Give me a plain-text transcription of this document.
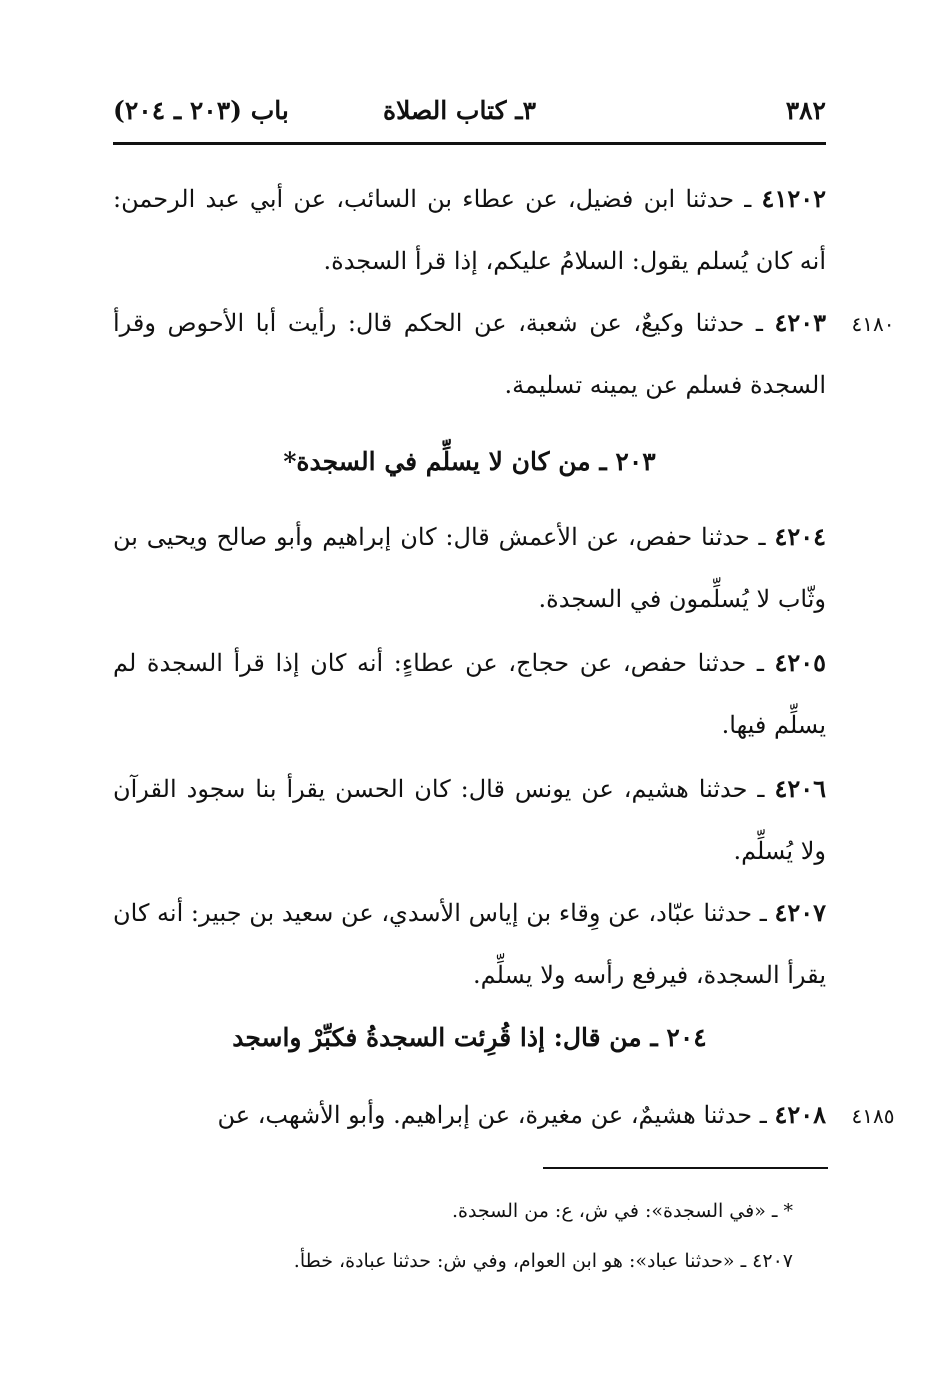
٣٨٢
٣ـ كتاب الصلاة
باب (٢٠٣ ـ ٢٠٤)
٤١٢٠٢ ـ حدثنا ابن فضيل، عن عطاء بن السائب، عن أبي عبد الرحمن: أنه كان يُسلم يقول: السلامُ عليكم، إذا قرأ السجدة.
٤١٨٠
٤٢٠٣ ـ حدثنا وكيعٌ، عن شعبة، عن الحكم قال: رأيت أبا الأحوص وقرأ السجدة فسلم عن يمينه تسليمة.
٢٠٣ ـ من كان لا يسلِّم في السجدة*
٤٢٠٤ ـ حدثنا حفص، عن الأعمش قال: كان إبراهيم وأبو صالح ويحيى بن وثّاب لا يُسلِّمون في السجدة.
٤٢٠٥ ـ حدثنا حفص، عن حجاج، عن عطاءٍ: أنه كان إذا قرأ السجدة لم يسلِّم فيها.
٤٢٠٦ ـ حدثنا هشيم، عن يونس قال: كان الحسن يقرأ بنا سجود القرآن ولا يُسلِّم.
٤٢٠٧ ـ حدثنا عبّاد، عن وِقاء بن إياس الأسدي، عن سعيد بن جبير: أنه كان يقرأ السجدة، فيرفع رأسه ولا يسلِّم.
٢٠٤ ـ من قال: إذا قُرِئت السجدةُ فكبِّرْ واسجد
٤١٨٥
٤٢٠٨ ـ حدثنا هشيمٌ، عن مغيرة، عن إبراهيم. وأبو الأشهب، عن
* ـ «في السجدة»: في ش، ع: من السجدة.
٤٢٠٧ ـ «حدثنا عباد»: هو ابن العوام، وفي ش: حدثنا عبادة، خطأ.
